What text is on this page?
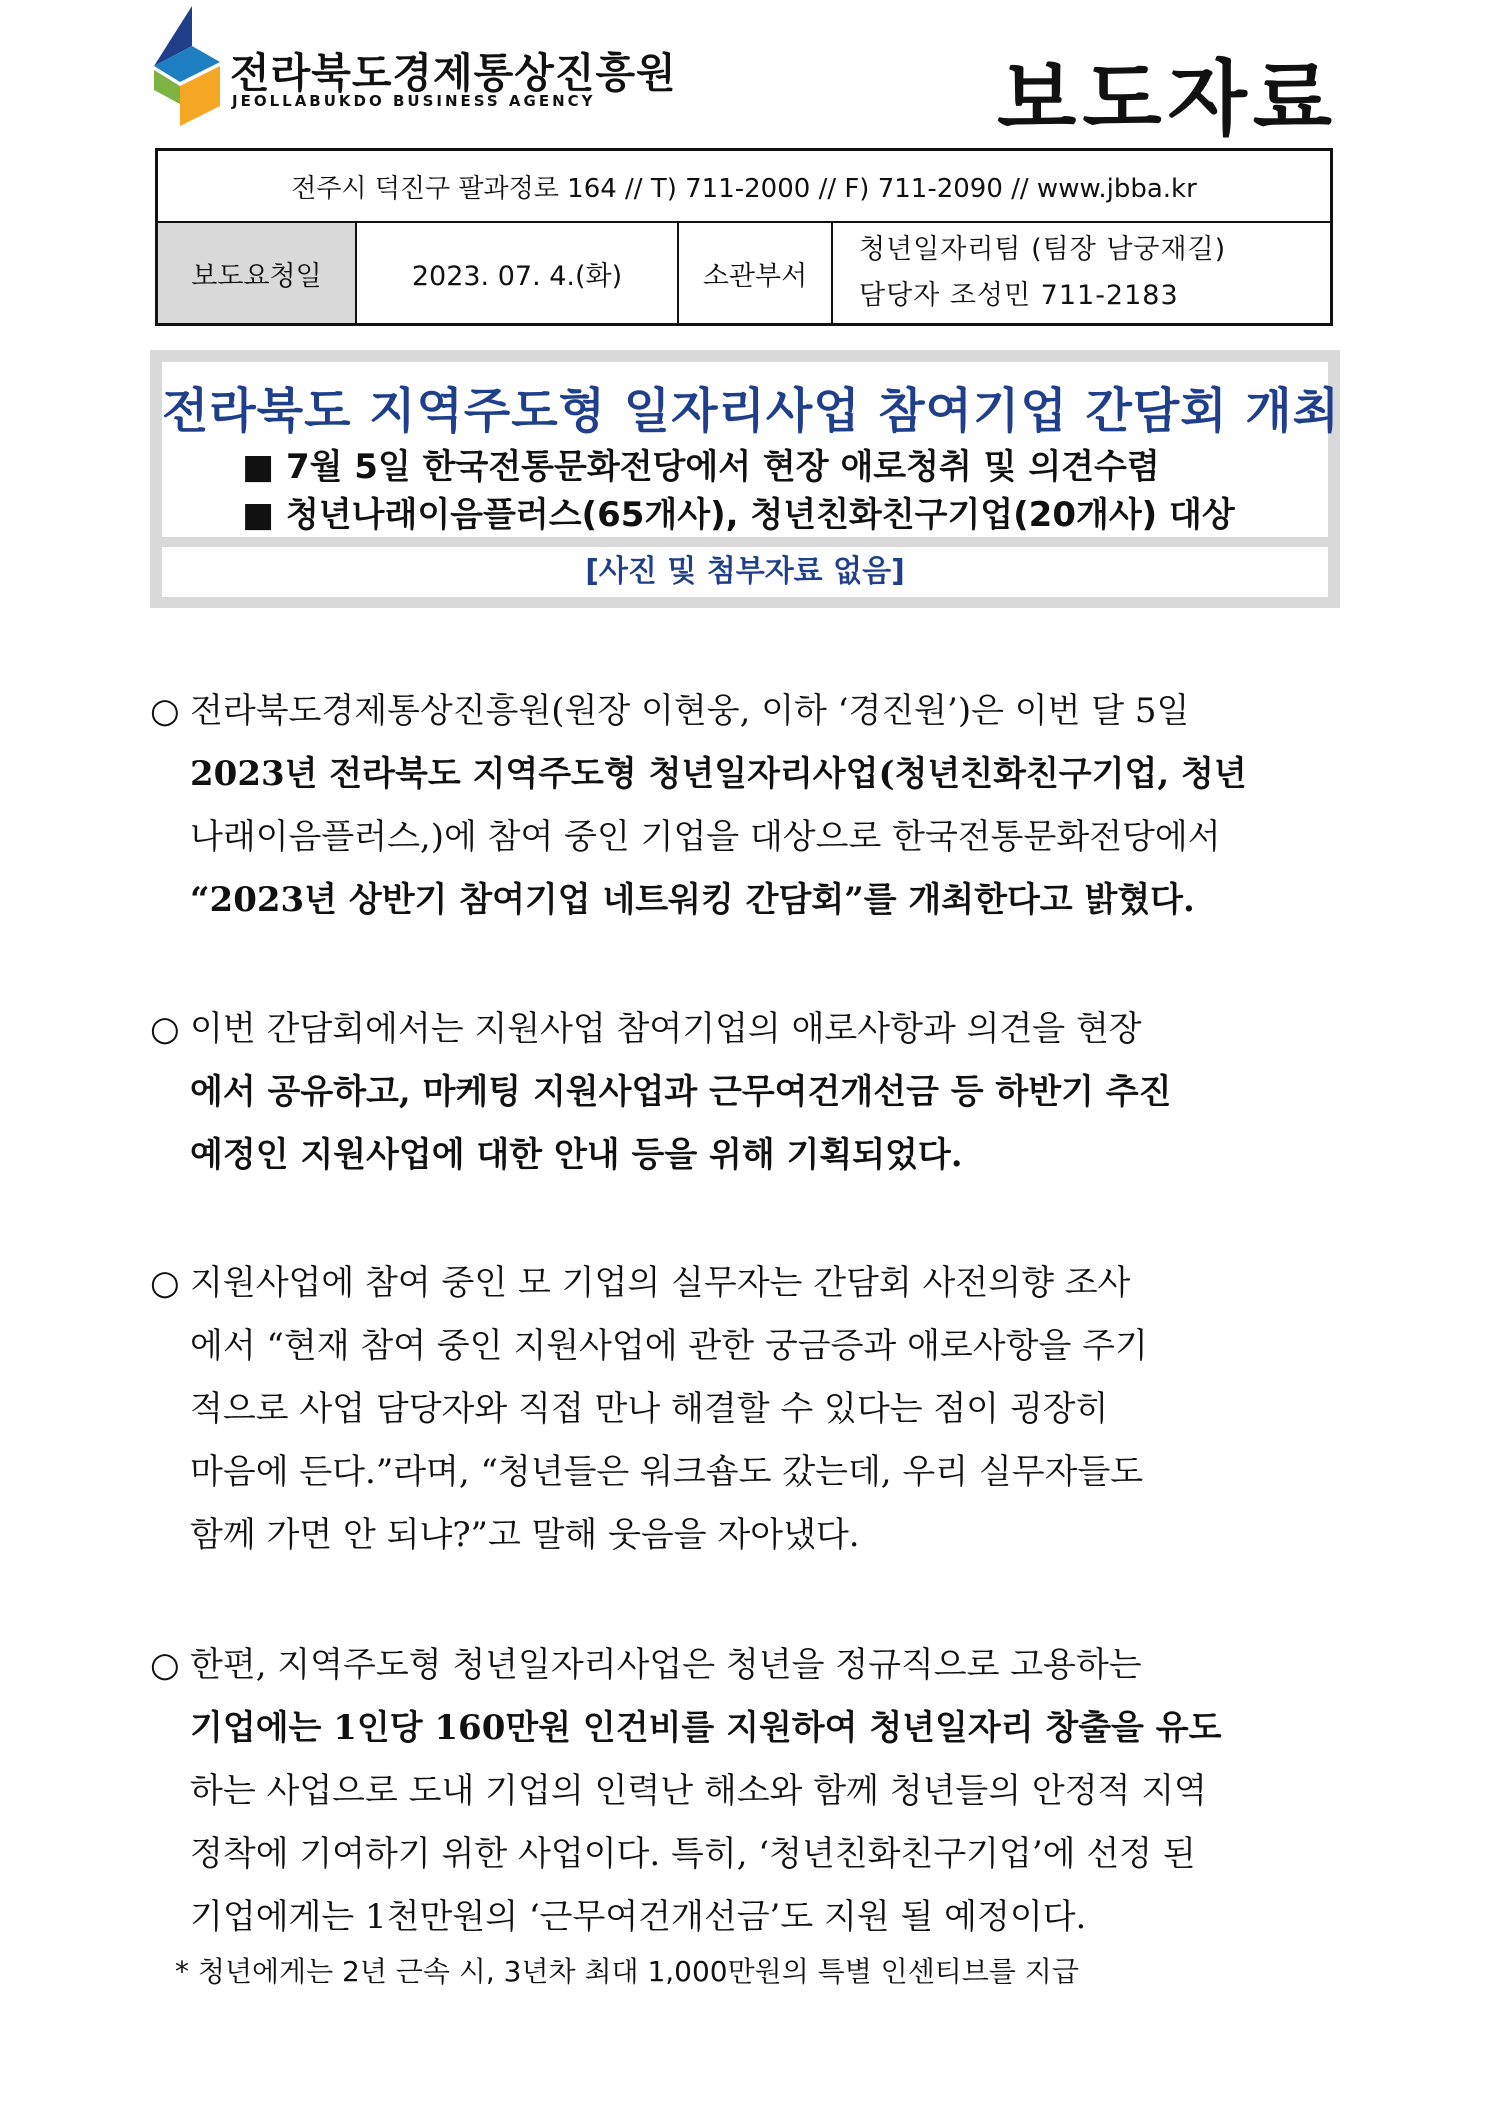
전라북도경제통상진흥원
JEOLLABUKDO BUSINESS AGENCY	보도자료
전주시 덕진구 팔과정로 164 // T) 711-2000 // F) 711-2090 // www.jbba.kr
보도요청일	2023. 07. 4.(화)	소관부서	
청년일자리팀 (팀장 남궁재길)
담당자 조성민 711-2183
전라북도 지역주도형 일자리사업 참여기업 간담회 개최
■ 7월 5일 한국전통문화전당에서 현장 애로청취 및 의견수렴
■ 청년나래이음플러스(65개사), 청년친화친구기업(20개사) 대상
[사진 및 첨부자료 없음]
○ 전라북도경제통상진흥원(원장 이현웅, 이하 ‘경진원’)은 이번 달 5일
2023년 전라북도 지역주도형 청년일자리사업(청년친화친구기업, 청년
나래이음플러스,)에 참여 중인 기업을 대상으로 한국전통문화전당에서
“2023년 상반기 참여기업 네트워킹 간담회”를 개최한다고 밝혔다.
○ 이번 간담회에서는 지원사업 참여기업의 애로사항과 의견을 현장
에서 공유하고, 마케팅 지원사업과 근무여건개선금 등 하반기 추진
예정인 지원사업에 대한 안내 등을 위해 기획되었다.
○ 지원사업에 참여 중인 모 기업의 실무자는 간담회 사전의향 조사
에서 “현재 참여 중인 지원사업에 관한 궁금증과 애로사항을 주기
적으로 사업 담당자와 직접 만나 해결할 수 있다는 점이 굉장히
마음에 든다.”라며, “청년들은 워크숍도 갔는데, 우리 실무자들도
함께 가면 안 되냐?”고 말해 웃음을 자아냈다.
○ 한편, 지역주도형 청년일자리사업은 청년을 정규직으로 고용하는
기업에는 1인당 160만원 인건비를 지원하여 청년일자리 창출을 유도
하는 사업으로 도내 기업의 인력난 해소와 함께 청년들의 안정적 지역
정착에 기여하기 위한 사업이다. 특히, ‘청년친화친구기업’에 선정 된
기업에게는 1천만원의 ‘근무여건개선금’도 지원 될 예정이다.
* 청년에게는 2년 근속 시, 3년차 최대 1,000만원의 특별 인센티브를 지급
